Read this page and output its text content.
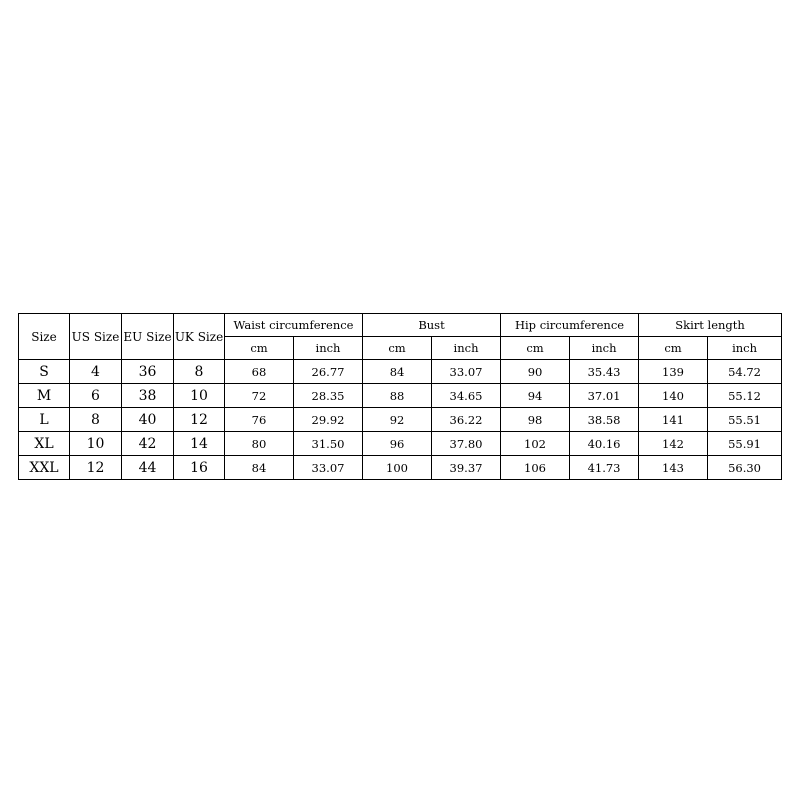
Size	US Size	EU Size	UK Size	Waist circumference		Bust		Hip circumference		Skirt length	
				cm	inch	cm	inch	cm	inch	cm	inch
S	4	36	8	68	26.77	84	33.07	90	35.43	139	54.72
M	6	38	10	72	28.35	88	34.65	94	37.01	140	55.12
L	8	40	12	76	29.92	92	36.22	98	38.58	141	55.51
XL	10	42	14	80	31.50	96	37.80	102	40.16	142	55.91
XXL	12	44	16	84	33.07	100	39.37	106	41.73	143	56.30
